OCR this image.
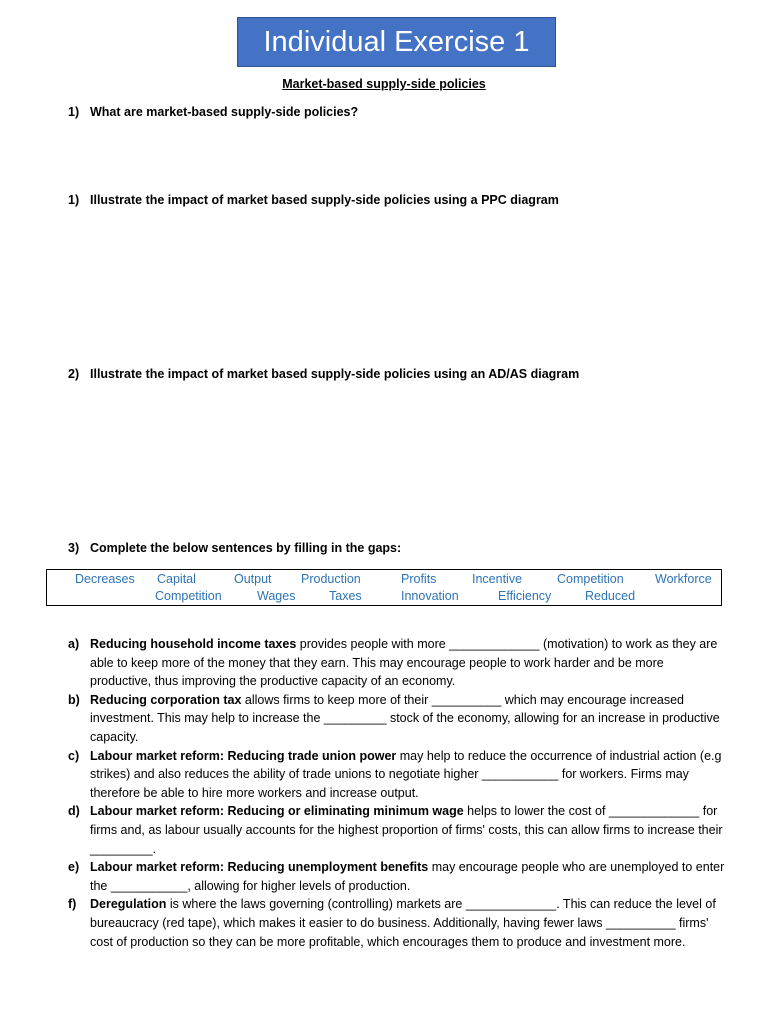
Individual Exercise 1
Market-based supply-side policies
1) What are market-based supply-side policies?
1) Illustrate the impact of market based supply-side policies using a PPC diagram
2) Illustrate the impact of market based supply-side policies using an AD/AS diagram
3) Complete the below sentences by filling in the gaps:
Decreases Capital	Output Production	Profits	Incentive	Competition	Workforce
Competition	Wages	Taxes	Innovation	Efficiency	Reduced
a) Reducing household income taxes provides people with more _____________ (motivation) to work as they are able to keep more of the money that they earn. This may encourage people to work harder and be more productive, thus improving the productive capacity of an economy.
b) Reducing corporation tax allows firms to keep more of their __________ which may encourage increased investment. This may help to increase the _________ stock of the economy, allowing for an increase in productive capacity.
c) Labour market reform: Reducing trade union power may help to reduce the occurrence of industrial action (e.g strikes) and also reduces the ability of trade unions to negotiate higher ___________ for workers. Firms may therefore be able to hire more workers and increase output.
d) Labour market reform: Reducing or eliminating minimum wage helps to lower the cost of _____________ for firms and, as labour usually accounts for the highest proportion of firms' costs, this can allow firms to increase their _________.
e) Labour market reform: Reducing unemployment benefits may encourage people who are unemployed to enter the ___________, allowing for higher levels of production.
f)	Deregulation is where the laws governing (controlling) markets are _____________. This can reduce the level of bureaucracy (red tape), which makes it easier to do business. Additionally, having fewer laws __________ firms' cost of production so they can be more profitable, which encourages them to produce and investment more.
